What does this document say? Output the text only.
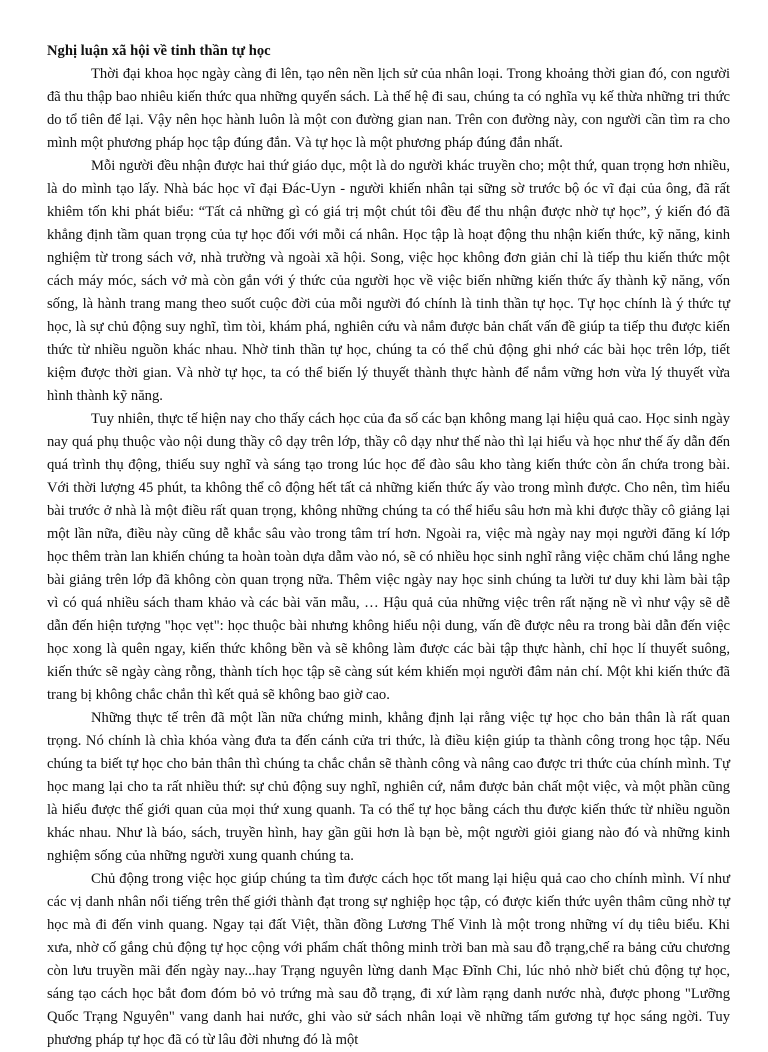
Nghị luận xã hội về tinh thần tự học

Thời đại khoa học ngày càng đi lên, tạo nên nền lịch sử của nhân loại. Trong khoảng thời gian đó, con người đã thu thập bao nhiêu kiến thức qua những quyển sách. Là thế hệ đi sau, chúng ta có nghĩa vụ kế thừa những tri thức do tổ tiên để lại. Vậy nên học hành luôn là một con đường gian nan. Trên con đường này, con người cần tìm ra cho mình một phương pháp học tập đúng đắn. Và tự học là một phương pháp đúng đắn nhất.

Mỗi người đều nhận được hai thứ giáo dục, một là do người khác truyền cho; một thứ, quan trọng hơn nhiều, là do mình tạo lấy. Nhà bác học vĩ đại Đác-Uyn - người khiến nhân tại sững sờ trước bộ óc vĩ đại của ông, đã rất khiêm tốn khi phát biểu: “Tất cả những gì có giá trị một chút tôi đều để thu nhận được nhờ tự học”, ý kiến đó đã khẳng định tầm quan trọng của tự học đối với mỗi cá nhân. Học tập là hoạt động thu nhận kiến thức, kỹ năng, kinh nghiệm từ trong sách vở, nhà trường và ngoài xã hội. Song, việc học không đơn giản chỉ là tiếp thu kiến thức một cách máy móc, sách vở mà còn gắn với ý thức của người học về việc biến những kiến thức ấy thành kỹ năng, vốn sống, là hành trang mang theo suốt cuộc đời của mỗi người đó chính là tinh thần tự học. Tự học chính là ý thức tự học, là sự chủ động suy nghĩ, tìm tòi, khám phá, nghiên cứu và nắm được bản chất vấn đề giúp ta tiếp thu được kiến thức từ nhiều nguồn khác nhau. Nhờ tinh thần tự học, chúng ta có thể chủ động ghi nhớ các bài học trên lớp, tiết kiệm được thời gian. Và nhờ tự học, ta có thể biến lý thuyết thành thực hành để nắm vững hơn vừa lý thuyết vừa hình thành kỹ năng.

Tuy nhiên, thực tế hiện nay cho thấy cách học của đa số các bạn không mang lại hiệu quả cao. Học sinh ngày nay quá phụ thuộc vào nội dung thầy cô dạy trên lớp, thầy cô dạy như thế nào thì lại hiểu và học như thế ấy dẫn đến quá trình thụ động, thiếu suy nghĩ và sáng tạo trong lúc học để đào sâu kho tàng kiến thức còn ẩn chứa trong bài. Với thời lượng 45 phút, ta không thể cô động hết tất cả những kiến thức ấy vào trong mình được. Cho nên, tìm hiểu bài trước ở nhà là một điều rất quan trọng, không những chúng ta có thể hiểu sâu hơn mà khi được thầy cô giảng lại một lần nữa, điều này cũng dễ khắc sâu vào trong tâm trí hơn. Ngoài ra, việc mà ngày nay mọi người đăng kí lớp học thêm tràn lan khiến chúng ta hoàn toàn dựa dẫm vào nó, sẽ có nhiều học sinh nghĩ rằng việc chăm chú lắng nghe bài giảng trên lớp đã không còn quan trọng nữa. Thêm việc ngày nay học sinh chúng ta lười tư duy khi làm bài tập vì có quá nhiều sách tham khảo và các bài văn mẫu, … Hậu quả của những việc trên rất nặng nề vì như vậy sẽ dễ dẫn đến hiện tượng "học vẹt": học thuộc bài nhưng không hiểu nội dung, vấn đề được nêu ra trong bài dẫn đến việc học xong là quên ngay, kiến thức không bền và sẽ không làm được các bài tập thực hành, chỉ học lí thuyết suông, kiến thức sẽ ngày càng rỗng, thành tích học tập sẽ càng sút kém khiến mọi người đâm nản chí. Một khi kiến thức đã trang bị không chắc chắn thì kết quả sẽ không bao giờ cao.

Những thực tế trên đã một lần nữa chứng minh, khẳng định lại rằng việc tự học cho bản thân là rất quan trọng. Nó chính là chìa khóa vàng đưa ta đến cánh cửa tri thức, là điều kiện giúp ta thành công trong học tập. Nếu chúng ta biết tự học cho bản thân thì chúng ta chắc chắn sẽ thành công và nâng cao được tri thức của chính mình. Tự học mang lại cho ta rất nhiều thứ: sự chủ động suy nghĩ, nghiên cứ, nắm được bản chất một việc, và một phần cũng là hiểu được thế giới quan của mọi thứ xung quanh. Ta có thể tự học bằng cách thu được kiến thức từ nhiều nguồn khác nhau. Như là báo, sách, truyền hình, hay gần gũi hơn là bạn bè, một người giỏi giang nào đó và những kinh nghiệm sống của những người xung quanh chúng ta.

Chủ động trong việc học giúp chúng ta tìm được cách học tốt mang lại hiệu quả cao cho chính mình. Ví như các vị danh nhân nổi tiếng trên thế giới thành đạt trong sự nghiệp học tập, có được kiến thức uyên thâm cũng nhờ tự học mà đi đến vinh quang. Ngay tại đất Việt, thần đồng Lương Thế Vinh là một trong những ví dụ tiêu biểu. Khi xưa, nhờ cố gắng chủ động tự học cộng với phẩm chất thông minh trời ban mà sau đỗ trạng,chế ra bảng cửu chương còn lưu truyền mãi đến ngày nay...hay Trạng nguyên lừng danh Mạc Đĩnh Chi, lúc nhỏ nhờ biết chủ động tự học, sáng tạo cách học bắt đom đóm bỏ vỏ trứng mà sau đỗ trạng, đi xứ làm rạng danh nước nhà, được phong "Lưỡng Quốc Trạng Nguyên" vang danh hai nước, ghi vào sử sách nhân loại về những tấm gương tự học sáng ngời. Tuy phương pháp tự học đã có từ lâu đời nhưng đó là một
